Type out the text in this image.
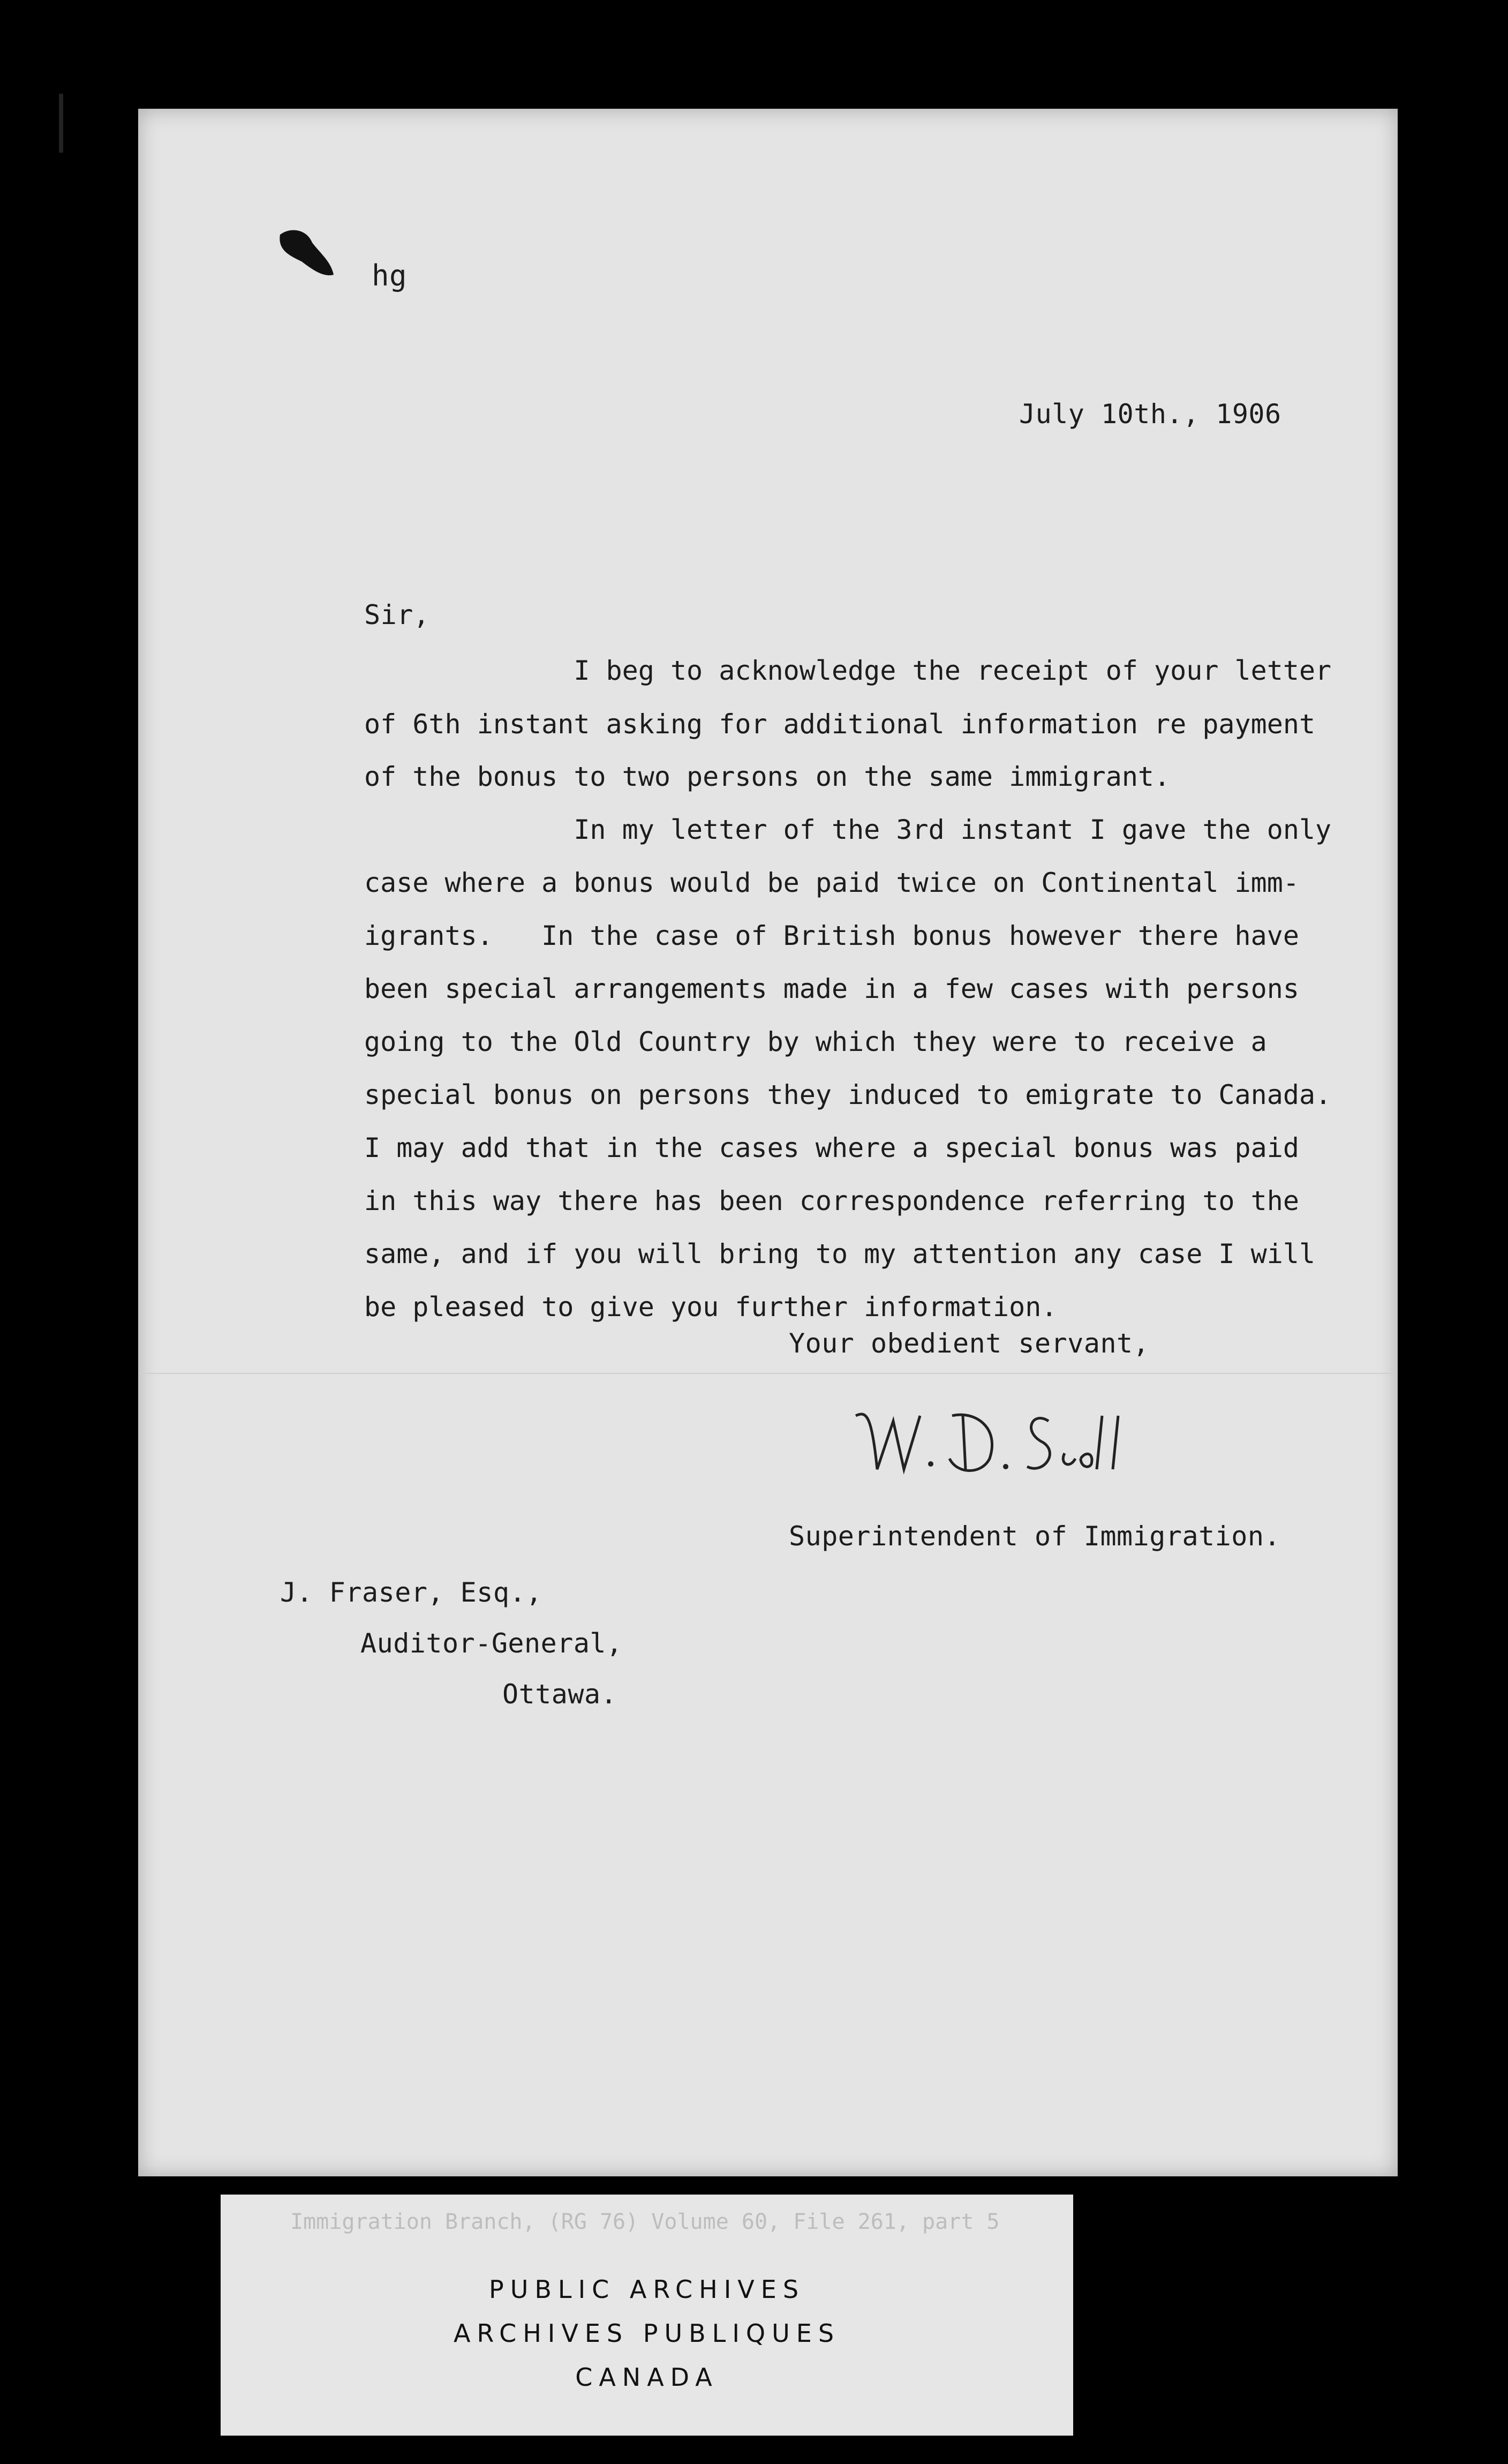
hg
July 10th., 1906
Sir,
I beg to acknowledge the receipt of your letter
of 6th instant asking for additional information re payment
of the bonus to two persons on the same immigrant.
In my letter of the 3rd instant I gave the only
case where a bonus would be paid twice on Continental imm-
igrants.   In the case of British bonus however there have
been special arrangements made in a few cases with persons
going to the Old Country by which they were to receive a
special bonus on persons they induced to emigrate to Canada.
I may add that in the cases where a special bonus was paid
in this way there has been correspondence referring to the
same, and if you will bring to my attention any case I will
be pleased to give you further information.
Your obedient servant,
Superintendent of Immigration.
J. Fraser, Esq.,
Auditor-General,
Ottawa.
Immigration Branch, (RG 76) Volume 60, File 261, part 5
PUBLIC ARCHIVES
ARCHIVES PUBLIQUES
CANADA
